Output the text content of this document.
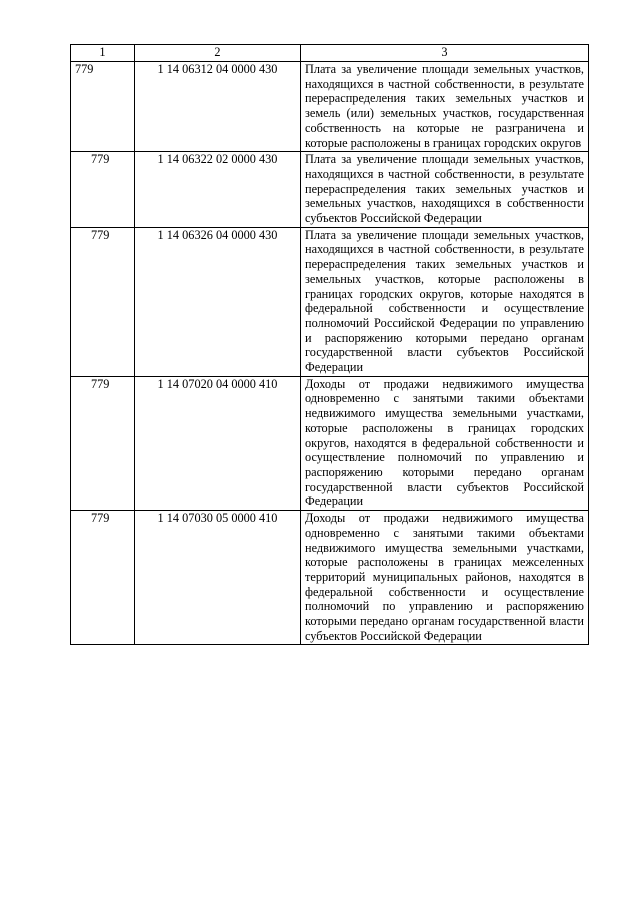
1	2	3
779	1 14 06312 04 0000 430	Плата за увеличение площади земельных участков, находящихся в частной собственности, в результате перераспределения таких земельных участков и земель (или) земельных участков, государственная собственность на которые не разграничена и которые расположены в границах городских округов
779	1 14 06322 02 0000 430	Плата за увеличение площади земельных участков, находящихся в частной собственности, в результате перераспределения таких земельных участков и земельных участков, находящихся в собственности субъектов Российской Федерации
779	1 14 06326 04 0000 430	Плата за увеличение площади земельных участков, находящихся в частной собственности, в результате перераспределения таких земельных участков и земельных участков, которые расположены в границах городских округов, которые находятся в федеральной собственности и осуществление полномочий Российской Федерации по управлению и распоряжению которыми передано органам государственной власти субъектов Российской Федерации
779	1 14 07020 04 0000 410	Доходы от продажи недвижимого имущества одновременно с занятыми такими объектами недвижимого имущества земельными участками, которые расположены в границах городских округов, находятся в федеральной собственности и осуществление полномочий по управлению и распоряжению которыми передано органам государственной власти субъектов Российской Федерации
779	1 14 07030 05 0000 410	Доходы от продажи недвижимого имущества одновременно с занятыми такими объектами недвижимого имущества земельными участками, которые расположены в границах межселенных территорий муниципальных районов, находятся в федеральной собственности и осуществление полномочий по управлению и распоряжению которыми передано органам государственной власти субъектов Российской Федерации
